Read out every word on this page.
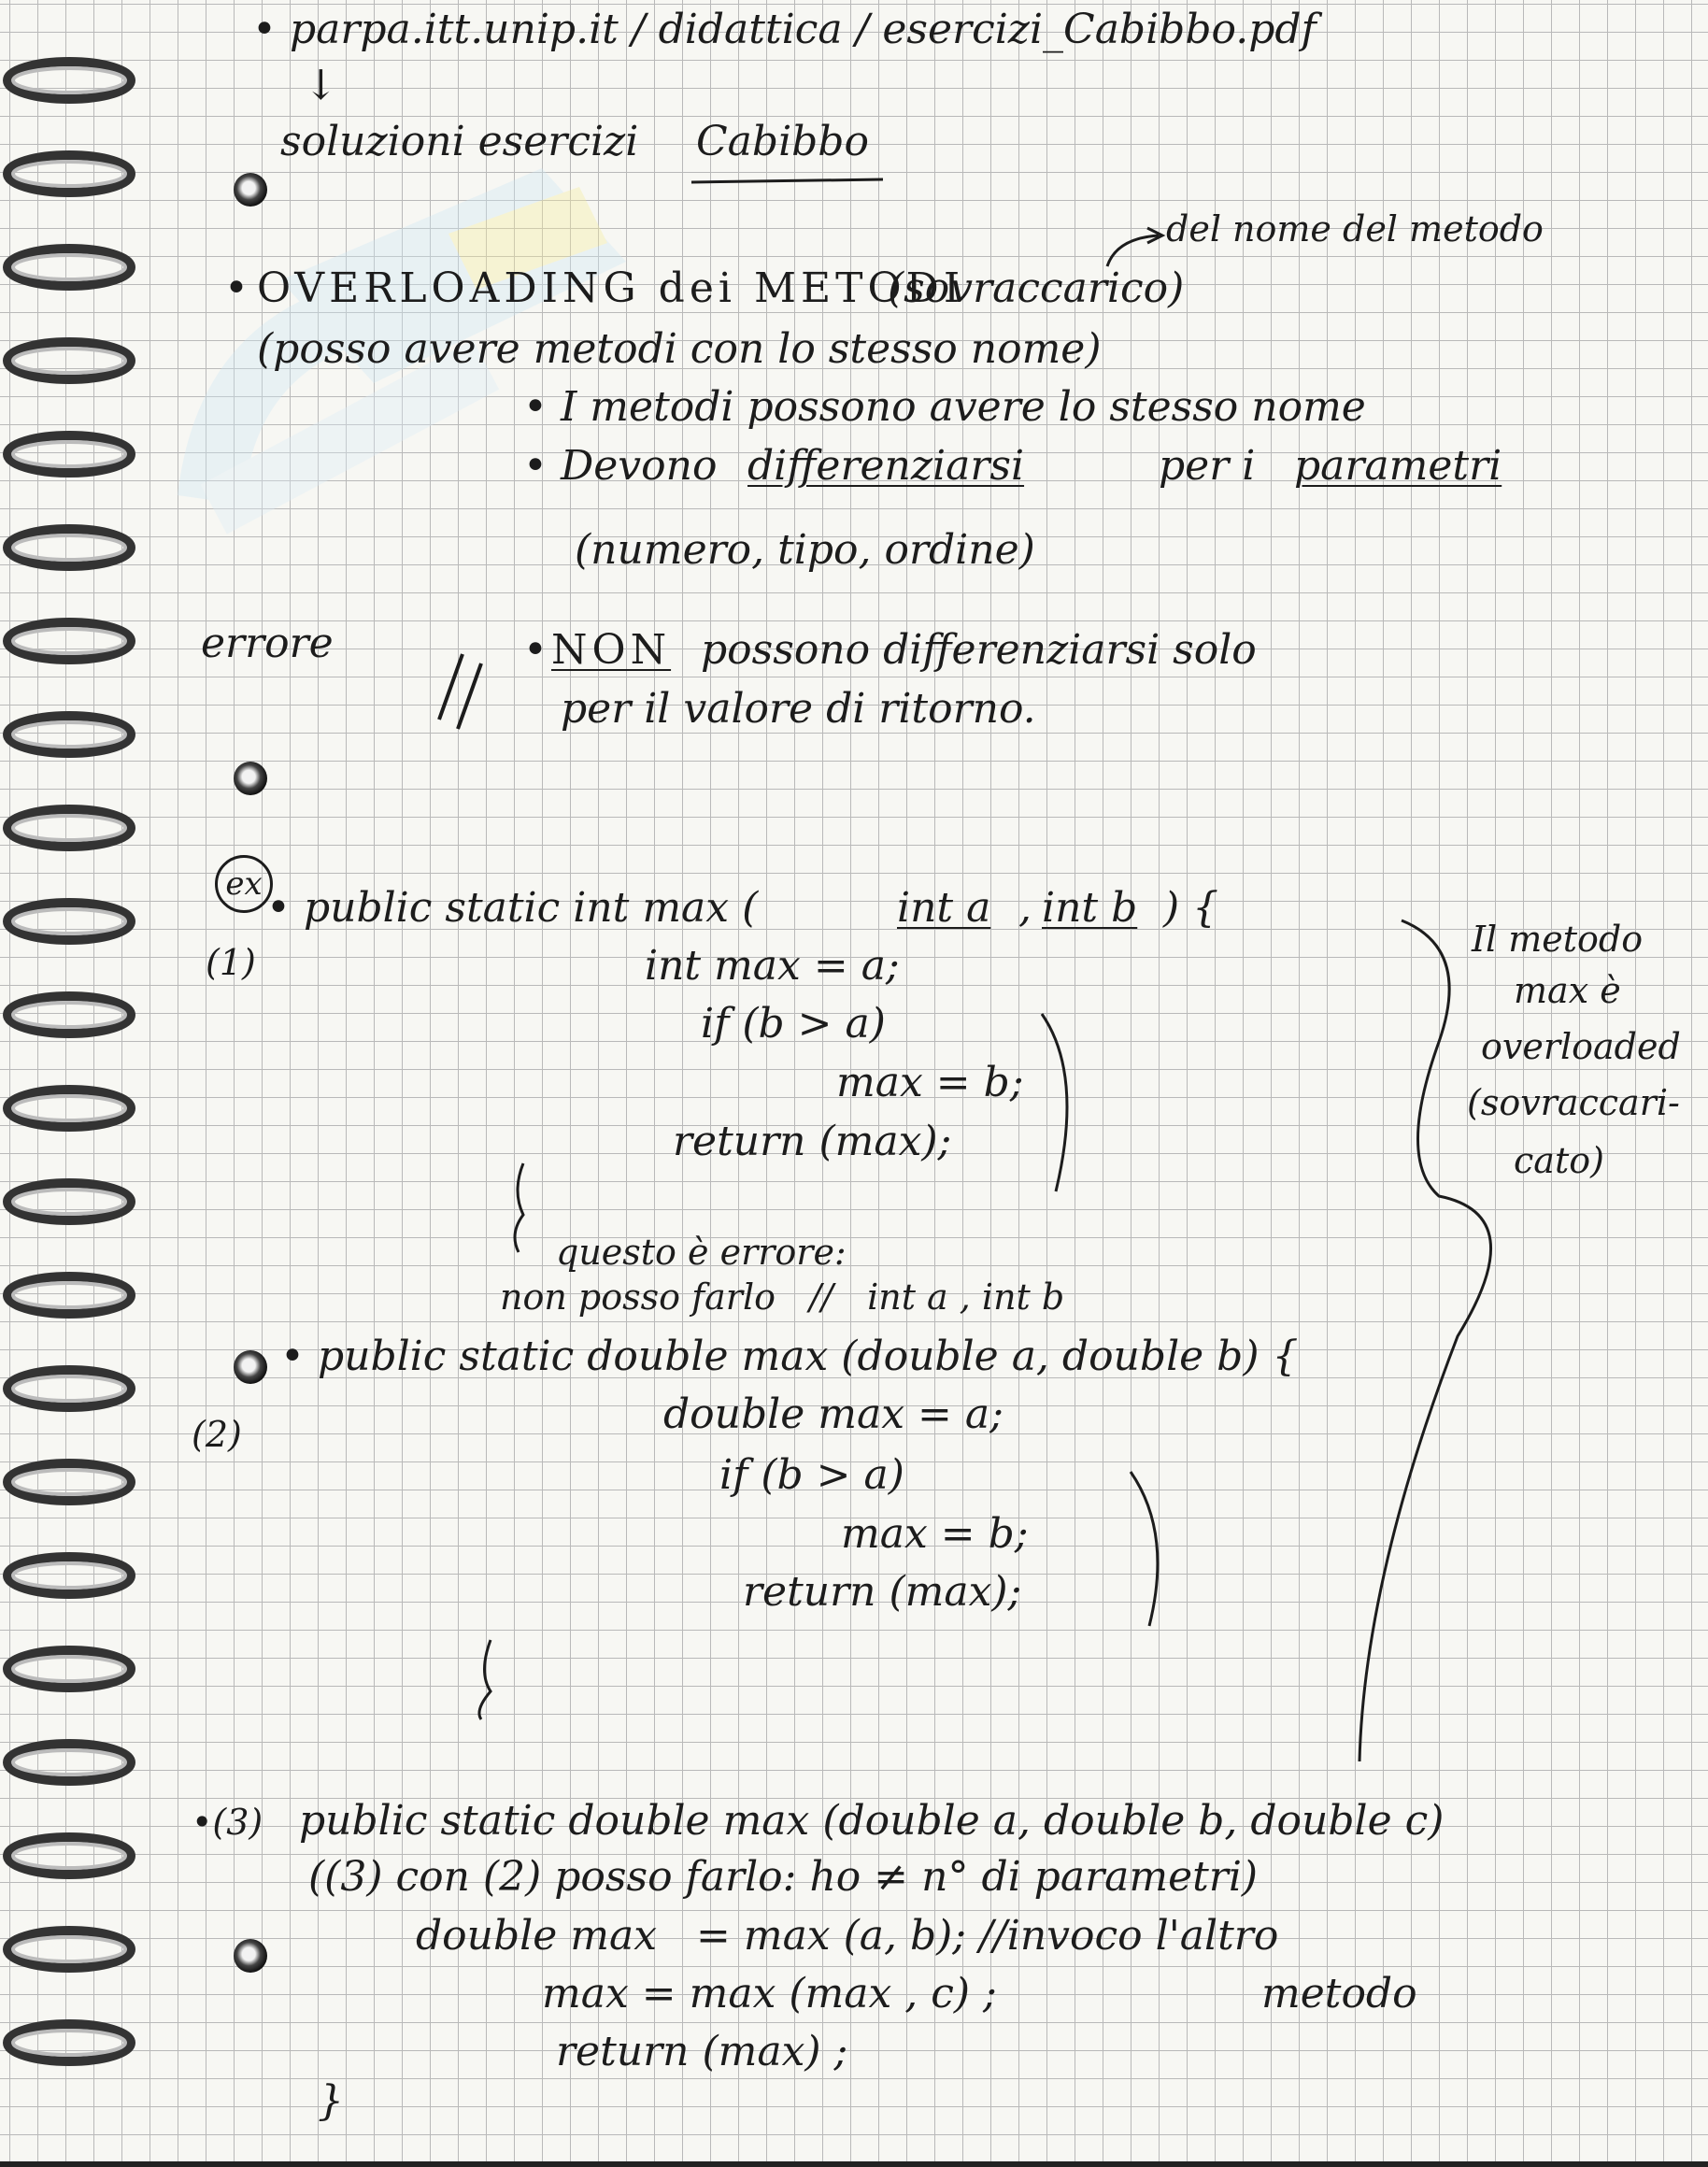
• parpa.itt.unip.it / didattica / esercizi_Cabibbo.pdf
↓
soluzioni esercizi Cabibbo
del nome del metodo
• OVERLOADING dei METODI
(sovraccarico)
(posso avere metodi con lo stesso nome)
• I metodi possono avere lo stesso nome
• Devono differenziarsi	per i parametri
(numero, tipo, ordine)
errore	• NON possono differenziarsi solo
per il valore di ritorno.
ex
(1)
• public static int max (	int a ,
int b ) {
int max = a;
if (b > a)
max = b;
return (max);
Il metodo
max è
overloaded
(sovraccari-
cato)
questo è errore:
non posso farlo   //   int a , int b
(2)
• public static double max (double a, double b) {
double max = a;
if (b > a)
max = b;
return (max);
•(3) public static double max (double a, double b, double c)
((3) con (2) posso farlo: ho ≠ n° di parametri)
double max   = max (a, b); //invoco l'altro
max = max (max , c) ;	metodo
return (max) ;
}
